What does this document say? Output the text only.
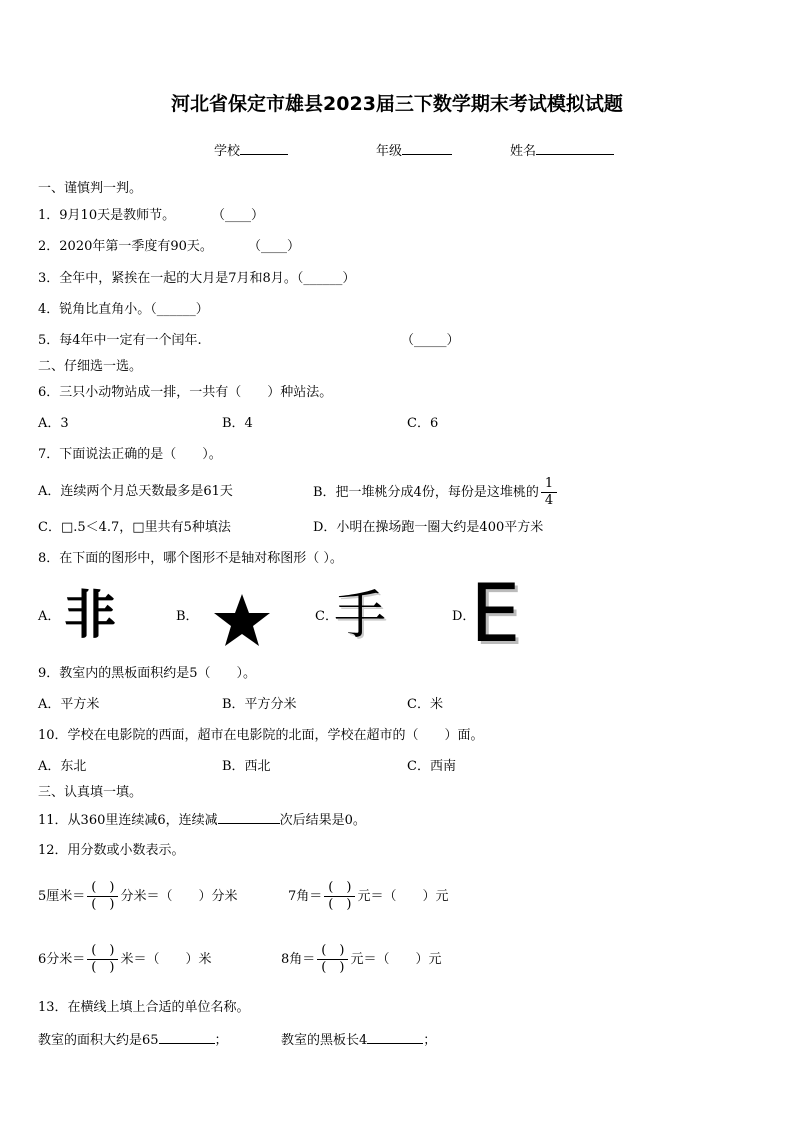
河北省保定市雄县2023届三下数学期末考试模拟试题
学校	年级	姓名
一、谨慎判一判。
1．9月10天是教师节。	（____）
2．2020年第一季度有90天。	（____）
3．全年中，紧挨在一起的大月是7月和8月。（______）
4．锐角比直角小。（______）
5．每4年中一定有一个闰年.	（_____）
二、仔细选一选。
6．三只小动物站成一排，一共有（　　）种站法。
A．3	B．4	C．6
7．下面说法正确的是（　　）。
A．连续两个月总天数最多是61天	B．把一堆桃分成4份，每份是这堆桃的 $\frac{1}{4}$
C．□.5＜4.7，□里共有5种填法	D．小明在操场跑一圈大约是400平方米
8．在下面的图形中，哪个图形不是轴对称图形（ ）。
A． 非	B．	C．
手	D．
E
9．教室内的黑板面积约是5（　　）。
A．平方米	B．平方分米	C．米
10．学校在电影院的西面，超市在电影院的北面，学校在超市的（　　）面。
A．东北	B．西北	C．西南
三、认真填一填。
11．从360里连续减6，连续减	次后结果是0。
12．用分数或小数表示。
5厘米＝ $\frac{( )}{( )}$ 分米＝（　　）分米	7角＝ $\frac{( )}{( )}$ 元＝（　　）元
6分米＝ $\frac{( )}{( )}$ 米＝（　　）米	8角＝ $\frac{( )}{( )}$ 元＝（　　）元
13．在横线上填上合适的单位名称。
教室的面积大约是65	；	教室的黑板长4	；
